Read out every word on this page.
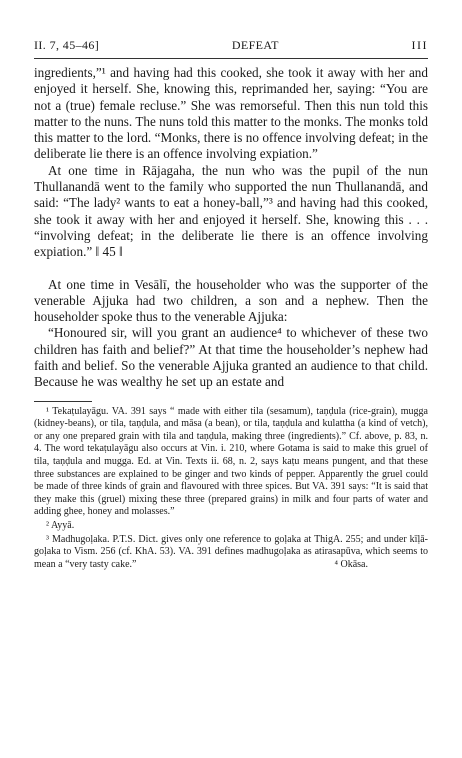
II. 7, 45–46]	DEFEAT	III

ingredients,”¹ and having had this cooked, she took it away with her and enjoyed it herself. She, knowing this, reprimanded her, saying: “You are not a (true) female recluse.” She was remorseful. Then this nun told this matter to the nuns. The nuns told this matter to the monks. The monks told this matter to the lord. “Monks, there is no offence involving defeat; in the deliberate lie there is an offence involving expiation.”

At one time in Rājagaha, the nun who was the pupil of the nun Thullanandā went to the family who supported the nun Thullanandā, and said: “The lady² wants to eat a honey-ball,”³ and having had this cooked, she took it away with her and enjoyed it herself. She, knowing this . . . “involving defeat; in the deliberate lie there is an offence involving expiation.” ‖ 45 ‖

At one time in Vesālī, the householder who was the supporter of the venerable Ajjuka had two children, a son and a nephew. Then the householder spoke thus to the venerable Ajjuka:

“Honoured sir, will you grant an audience⁴ to whichever of these two children has faith and belief?” At that time the householder’s nephew had faith and belief. So the venerable Ajjuka granted an audience to that child. Because he was wealthy he set up an estate and

¹ Tekaṭulayāgu. VA. 391 says “ made with either tila (sesamum), taṇḍula (rice-grain), mugga (kidney-beans), or tila, taṇḍula, and māsa (a bean), or tila, taṇḍula and kulattha (a kind of vetch), or any one prepared grain with tila and taṇḍula, making three (ingredients).” Cf. above, p. 83, n. 4. The word tekaṭulayāgu also occurs at Vin. i. 210, where Gotama is said to make this gruel of tila, taṇḍula and mugga. Ed. at Vin. Texts ii. 68, n. 2, says kaṭu means pungent, and that these three substances are explained to be ginger and two kinds of pepper. Apparently the gruel could be made of three kinds of grain and flavoured with three spices. But VA. 391 says: “It is said that they make this (gruel) mixing these three (prepared grains) in milk and four parts of water and adding ghee, honey and molasses.”

² Ayyā.

³ Madhugoḷaka. P.T.S. Dict. gives only one reference to goḷaka at ThigA. 255; and under kīḷā-goḷaka to Vism. 256 (cf. KhA. 53). VA. 391 defines madhugoḷaka as atirasapūva, which seems to mean a “very tasty cake.”	⁴ Okāsa.
